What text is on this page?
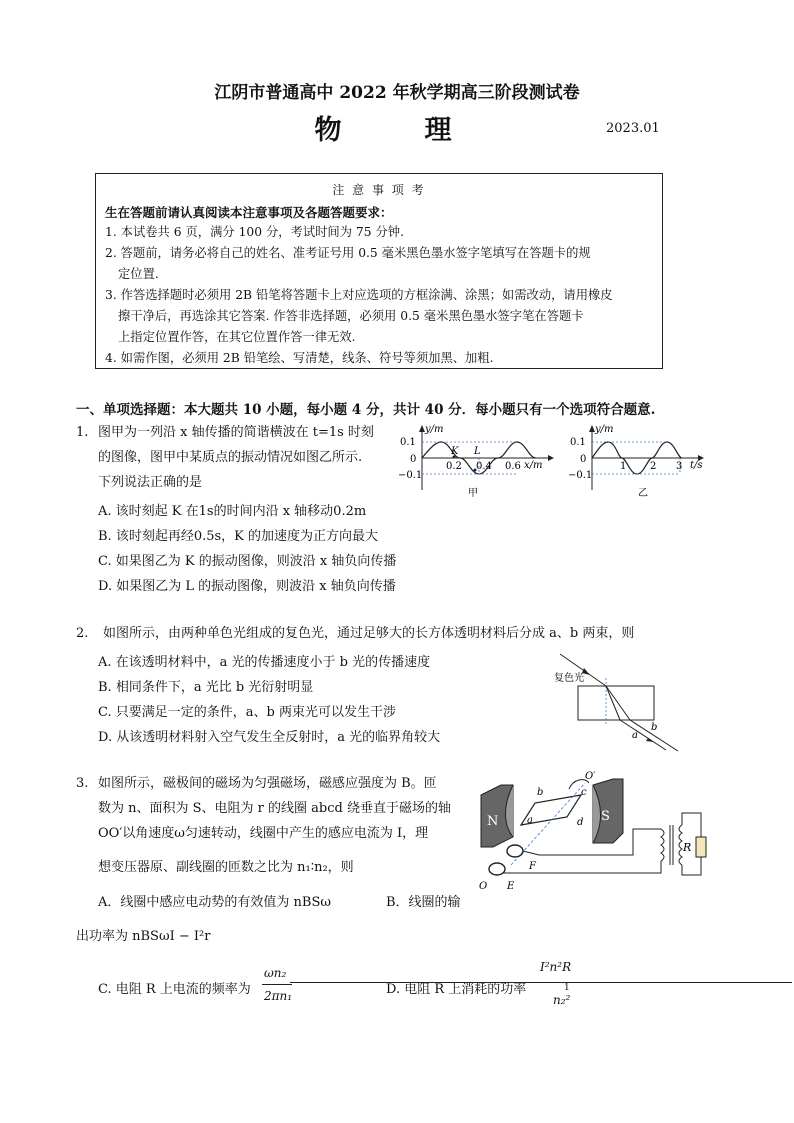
江阴市普通高中 2022 年秋学期高三阶段测试卷
物　理	2023.01
注 意 事 项 考
生在答题前请认真阅读本注意事项及各题答题要求：
1. 本试卷共 6 页，满分 100 分，考试时间为 75 分钟.
2. 答题前，请务必将自己的姓名、准考证号用 0.5 毫米黑色墨水签字笔填写在答题卡的规
定位置.
3. 作答选择题时必须用 2B 铅笔将答题卡上对应选项的方框涂满、涂黑；如需改动，请用橡皮
擦干净后，再选涂其它答案. 作答非选择题，必须用 0.5 毫米黑色墨水签字笔在答题卡
上指定位置作答，在其它位置作答一律无效.
4. 如需作图，必须用 2B 铅笔绘、写清楚，线条、符号等须加黑、加粗.
一、单项选择题：本大题共 10 小题，每小题 4 分，共计 40 分．每小题只有一个选项符合题意.
1. 图甲为一列沿 x 轴传播的简谐横波在 t=1s 时刻
的图像，图甲中某质点的振动情况如图乙所示.
下列说法正确的是
A. 该时刻起 K 在1s的时间内沿 x 轴移动0.2m
B. 该时刻起再经0.5s，K 的加速度为正方向最大
C. 如果图乙为 K 的振动图像，则波沿 x 轴负向传播
D. 如果图乙为 L 的振动图像，则波沿 x 轴负向传播
y/m
0.1
0
−0.1
K L
0.2 0.4 0.6 x/m
甲
y/m
0.1
0
−0.1
1 2 3 t/s
乙
2. 如图所示，由两种单色光组成的复色光，通过足够大的长方体透明材料后分成 a、b 两束，则
A. 在该透明材料中，a 光的传播速度小于 b 光的传播速度
B. 相同条件下，a 光比 b 光衍射明显
C. 只要满足一定的条件，a、b 两束光可以发生干涉
D. 从该透明材料射入空气发生全反射时，a 光的临界角较大
复色光
a
b
3. 如图所示，磁极间的磁场为匀强磁场，磁感应强度为 B。匝
数为 n、面积为 S、电阻为 r 的线圈 abcd 绕垂直于磁场的轴
OO′以角速度ω匀速转动，线圈中产生的感应电流为 I，理
想变压器原、副线圈的匝数之比为 n₁∶n₂，则
A．线圈中感应电动势的有效值为 nBSω	B．线圈的输
出功率为 nBSωI − I²r
C. 电阻 R 上电流的频率为
ωn₂
2πn₁	D. 电阻 R 上消耗的功率
I²n²R
1
n₂²
N	S
a
b	c
d
O′
O E
F
R
